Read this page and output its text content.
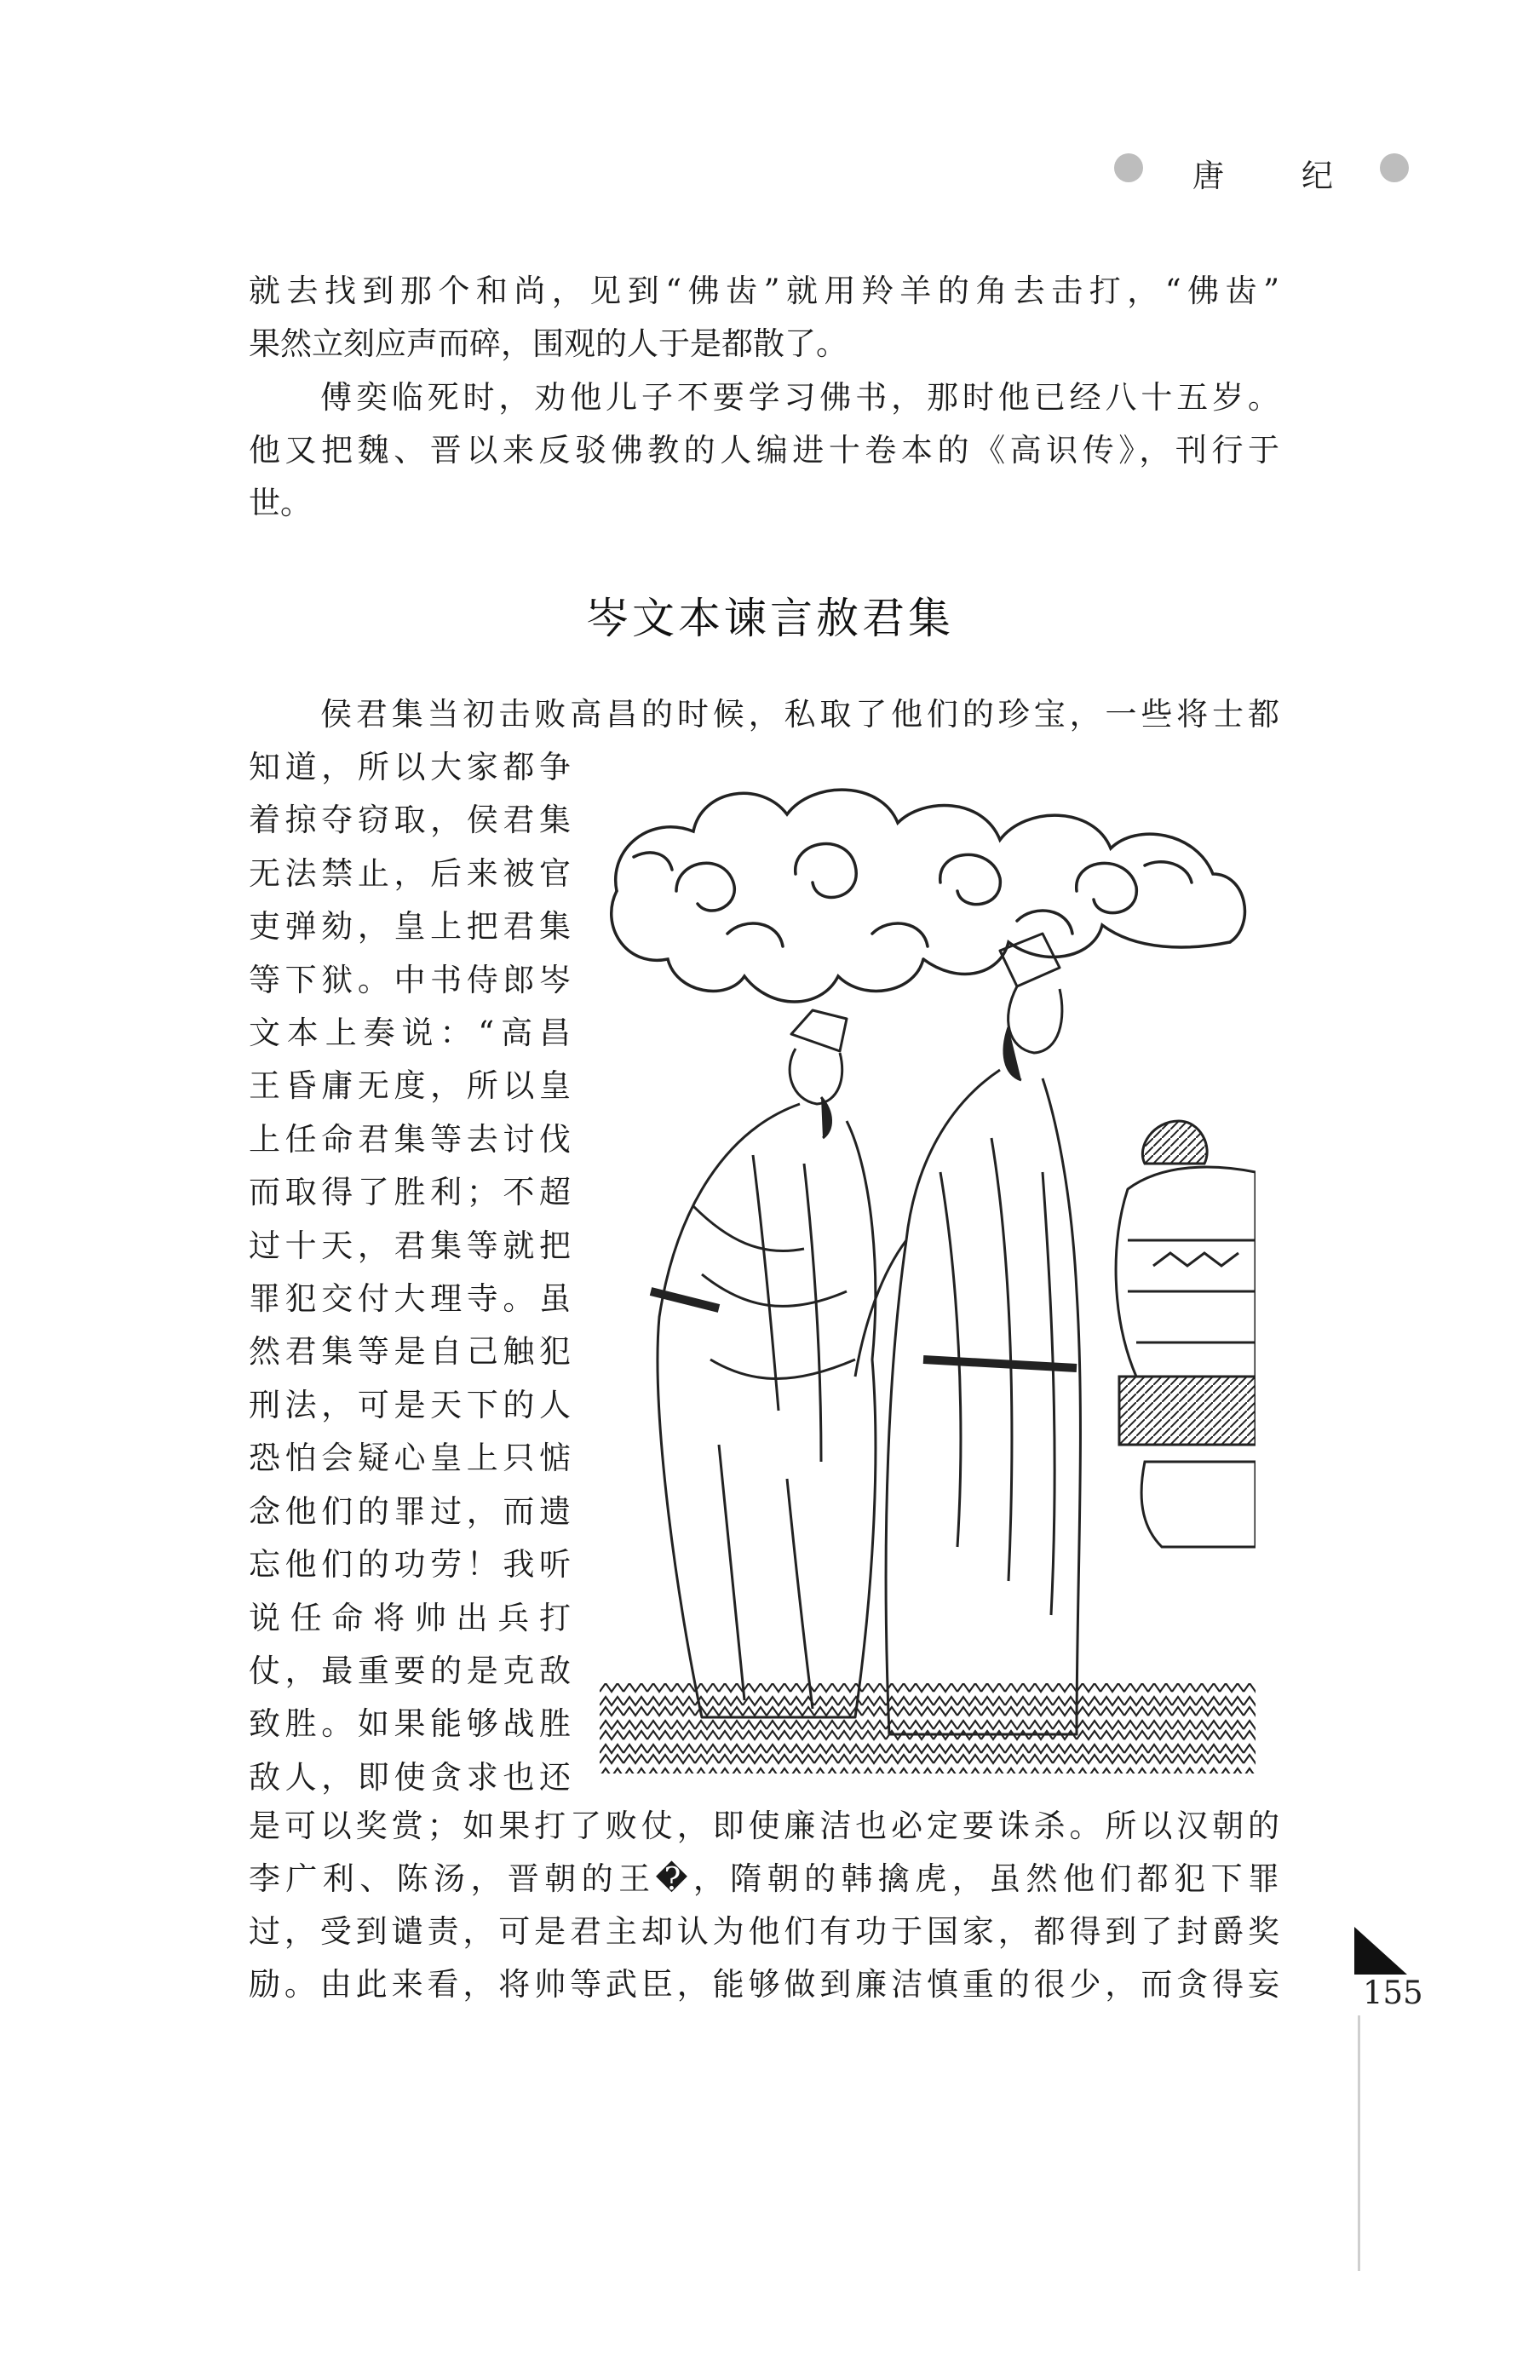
唐 纪
就去找到那个和尚，见到“佛齿”就用羚羊的角去击打，“佛齿”
果然立刻应声而碎，围观的人于是都散了。
傅奕临死时，劝他儿子不要学习佛书，那时他已经八十五岁。
他又把魏、晋以来反驳佛教的人编进十卷本的《高识传》，刊行于
世。
岑文本谏言赦君集
侯君集当初击败高昌的时候，私取了他们的珍宝，一些将士都
知道，所以大家都争
着掠夺窃取，侯君集
无法禁止，后来被官
吏弹劾，皇上把君集
等下狱。中书侍郎岑
文本上奏说：“高昌
王昏庸无度，所以皇
上任命君集等去讨伐
而取得了胜利；不超
过十天，君集等就把
罪犯交付大理寺。虽
然君集等是自己触犯
刑法，可是天下的人
恐怕会疑心皇上只惦
念他们的罪过，而遗
忘他们的功劳！我听
说任命将帅出兵打
仗，最重要的是克敌
致胜。如果能够战胜
敌人，即使贪求也还
是可以奖赏；如果打了败仗，即使廉洁也必定要诛杀。所以汉朝的
李广利、陈汤，晋朝的王�，隋朝的韩擒虎，虽然他们都犯下罪
过，受到谴责，可是君主却认为他们有功于国家，都得到了封爵奖
励。由此来看，将帅等武臣，能够做到廉洁慎重的很少，而贪得妄	155
